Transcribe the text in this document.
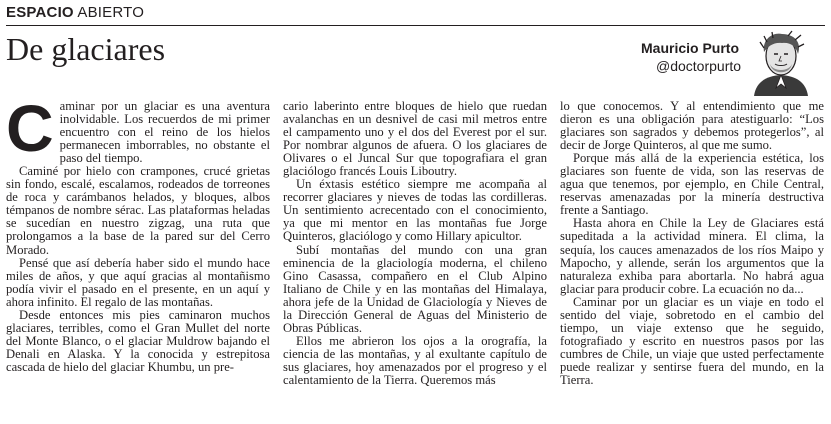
ESPACIO ABIERTO
De glaciares	Mauricio Purto
@doctorpurto
C aminar por un glaciar es una aventura inolvidable. Los recuerdos de mi primer encuentro con el reino de los hielos permanecen imborrables, no obstante el paso del tiempo.

Caminé por hielo con crampones, crucé grietas sin fondo, escalé, escalamos, rodeados de torreones de roca y carámbanos helados, y bloques, albos témpanos de nombre sérac. Las plataformas heladas se sucedían en nuestro zigzag, una ruta que prolongamos a la base de la pared sur del Cerro Morado.

Pensé que así debería haber sido el mundo hace miles de años, y que aquí gracias al montañismo podía vivir el pasado en el presente, en un aquí y ahora infinito. El regalo de las montañas.

Desde entonces mis pies caminaron muchos glaciares, terribles, como el Gran Mullet del norte del Monte Blanco, o el glaciar Muldrow bajando el Denali en Alaska. Y la conocida y estrepitosa cascada de hielo del glaciar Khumbu, un pre-

cario laberinto entre bloques de hielo que ruedan avalanchas en un desnivel de casi mil metros entre el campamento uno y el dos del Everest por el sur. Por nombrar algunos de afuera. O los glaciares de Olivares o el Juncal Sur que topografiara el gran glaciólogo francés Louis Liboutry.

Un éxtasis estético siempre me acompaña al recorrer glaciares y nieves de todas las cordilleras. Un sentimiento acrecentado con el conocimiento, ya que mi mentor en las montañas fue Jorge Quinteros, glaciólogo y como Hillary apicultor.

Subí montañas del mundo con una gran eminencia de la glaciología moderna, el chileno Gino Casassa, compañero en el Club Alpino Italiano de Chile y en las montañas del Himalaya, ahora jefe de la Unidad de Glaciología y Nieves de la Dirección General de Aguas del Ministerio de Obras Públicas.

Ellos me abrieron los ojos a la orografía, la ciencia de las montañas, y al exultante capítulo de sus glaciares, hoy amenazados por el progreso y el calentamiento de la Tierra. Queremos más

lo que conocemos. Y al entendimiento que me dieron es una obligación para atestiguarlo: “Los glaciares son sagrados y debemos protegerlos”, al decir de Jorge Quinteros, al que me sumo.

Porque más allá de la experiencia estética, los glaciares son fuente de vida, son las reservas de agua que tenemos, por ejemplo, en Chile Central, reservas amenazadas por la minería destructiva frente a Santiago.

Hasta ahora en Chile la Ley de Glaciares está supeditada a la actividad minera. El clima, la sequía, los cauces amenazados de los ríos Maipo y Mapocho, y allende, serán los argumentos que la naturaleza exhiba para abortarla. No habrá agua glaciar para producir cobre. La ecuación no da...

Caminar por un glaciar es un viaje en todo el sentido del viaje, sobretodo en el cambio del tiempo, un viaje extenso que he seguido, fotografiado y escrito en nuestros pasos por las cumbres de Chile, un viaje que usted perfectamente puede realizar y sentirse fuera del mundo, en la Tierra.
